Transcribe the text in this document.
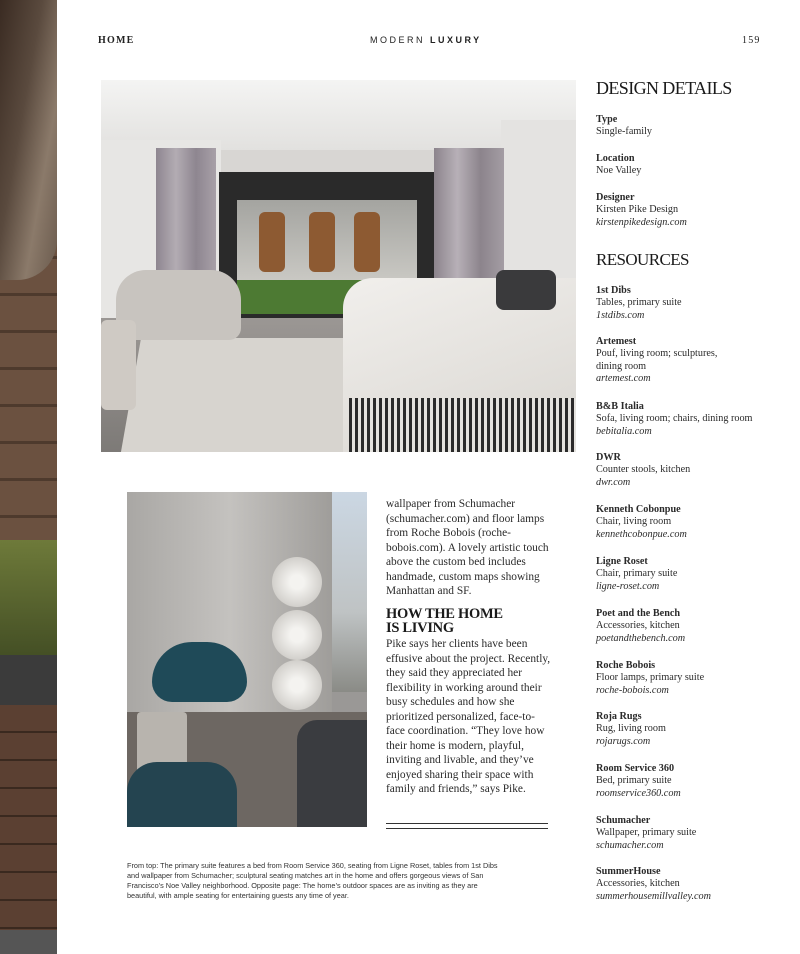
HOME	MODERN LUXURY	159
wallpaper from Schumacher (schumacher.com) and floor lamps from Roche Bobois (roche-bobois.com). A lovely artistic touch above the custom bed includes handmade, custom maps showing Manhattan and SF.
HOW THE HOME
IS LIVING
Pike says her clients have been effusive about the project. Recently, they said they appreciated her flexibility in working around their busy schedules and how she prioritized personalized, face-to-face coordination. “They love how their home is modern, playful, inviting and livable, and they’ve enjoyed sharing their space with family and friends,” says Pike.
From top: The primary suite features a bed from Room Service 360, seating from Ligne Roset, tables from 1st Dibs and wallpaper from Schumacher; sculptural seating matches art in the home and offers gorgeous views of San Francisco’s Noe Valley neighborhood. Opposite page: The home’s outdoor spaces are as inviting as they are beautiful, with ample seating for entertaining guests any time of year.
DESIGN DETAILS
Type
Single-family
Location
Noe Valley
Designer
Kirsten Pike Design
kirstenpikedesign.com
RESOURCES
1st Dibs
Tables, primary suite
1stdibs.com
Artemest
Pouf, living room; sculptures, dining room
artemest.com
B&B Italia
Sofa, living room; chairs, dining room
bebitalia.com
DWR
Counter stools, kitchen
dwr.com
Kenneth Cobonpue
Chair, living room
kennethcobonpue.com
Ligne Roset
Chair, primary suite
ligne-roset.com
Poet and the Bench
Accessories, kitchen
poetandthebench.com
Roche Bobois
Floor lamps, primary suite
roche-bobois.com
Roja Rugs
Rug, living room
rojarugs.com
Room Service 360
Bed, primary suite
roomservice360.com
Schumacher
Wallpaper, primary suite
schumacher.com
SummerHouse
Accessories, kitchen
summerhousemillvalley.com
